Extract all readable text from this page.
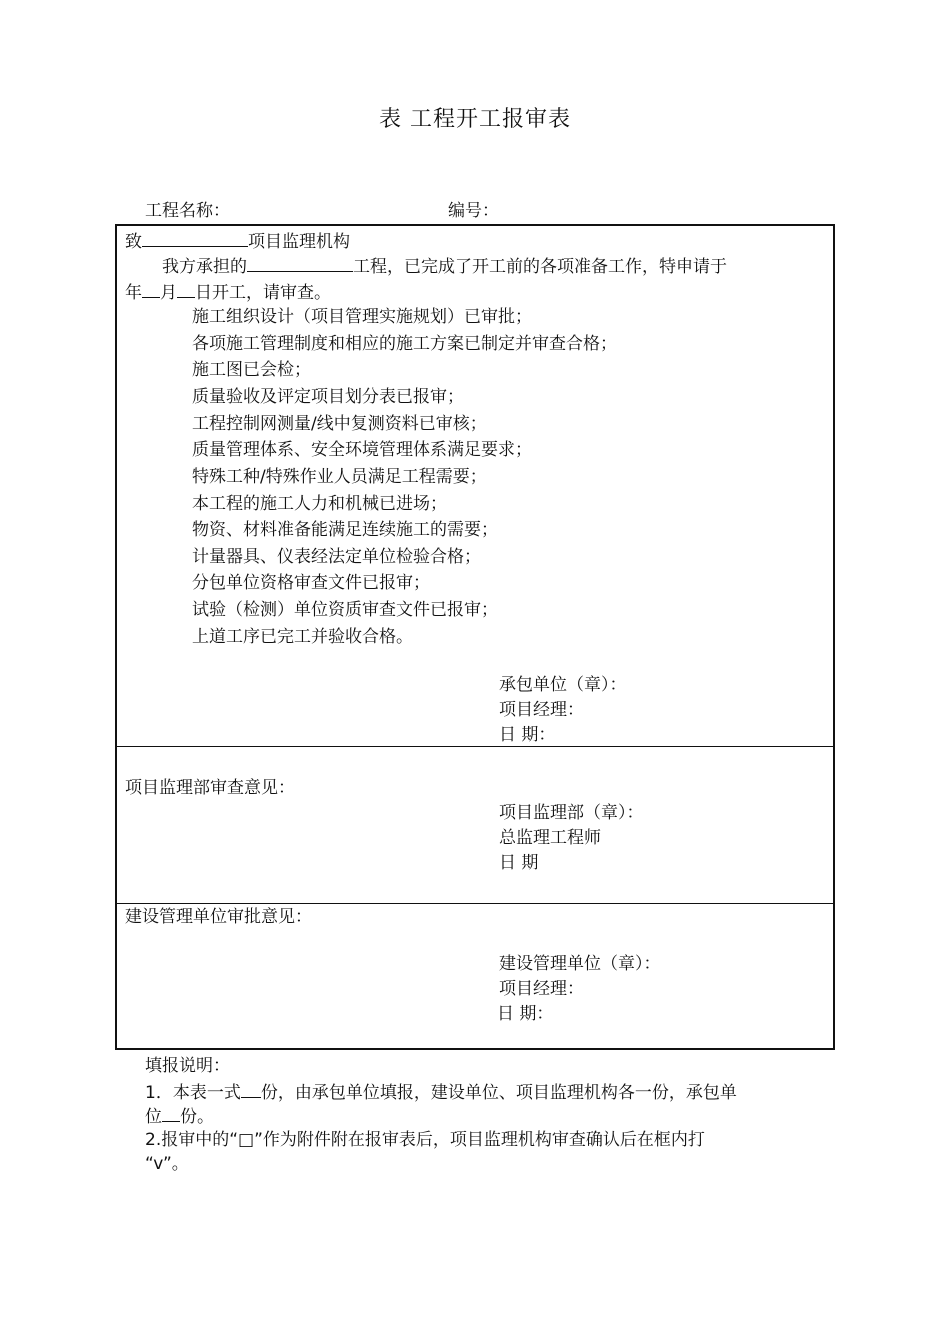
表 工程开工报审表
工程名称：	编号：
致	项目监理机构
我方承担的	工程，已完成了开工前的各项准备工作，特申请于
年 月 日开工，请审查。
施工组织设计（项目管理实施规划）已审批；
各项施工管理制度和相应的施工方案已制定并审查合格；
施工图已会检；
质量验收及评定项目划分表已报审；
工程控制网测量/线中复测资料已审核；
质量管理体系、安全环境管理体系满足要求；
特殊工种/特殊作业人员满足工程需要；
本工程的施工人力和机械已进场；
物资、材料准备能满足连续施工的需要；
计量器具、仪表经法定单位检验合格；
分包单位资格审查文件已报审；
试验（检测）单位资质审查文件已报审；
上道工序已完工并验收合格。
承包单位（章）：
项目经理：
日 期：
项目监理部审查意见：
项目监理部（章）：
总监理工程师
日 期
建设管理单位审批意见：
建设管理单位（章）：
项目经理：
日 期：
填报说明：
1．本表一式 份，由承包单位填报，建设单位、项目监理机构各一份，承包单
位 份。
2.报审中的“□”作为附件附在报审表后，项目监理机构审查确认后在框内打
“v”。
